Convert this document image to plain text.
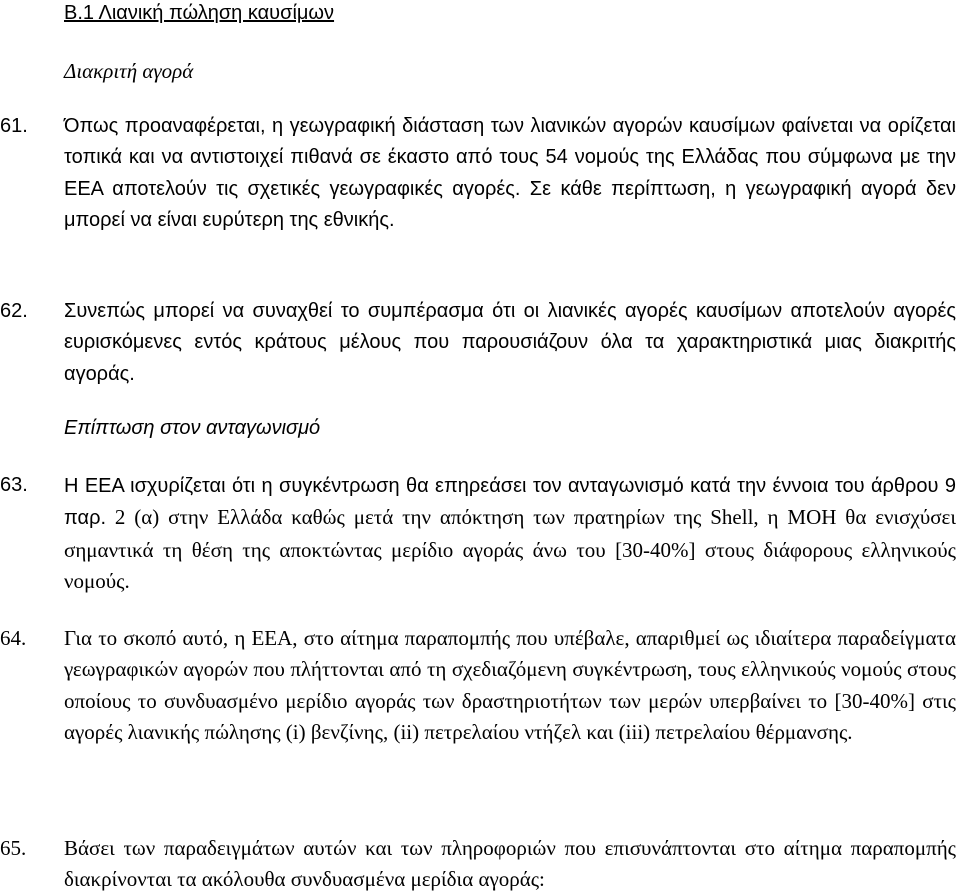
Β.1 Λιανική πώληση καυσίμων
Διακριτή αγορά

61.	Όπως προαναφέρεται, η γεωγραφική διάσταση των λιανικών αγορών καυσίμων φαίνεται να ορίζεται τοπικά και να αντιστοιχεί πιθανά σε έκαστο από τους 54 νομούς της Ελλάδας που σύμφωνα με την ΕΕΑ αποτελούν τις σχετικές γεωγραφικές αγορές. Σε κάθε περίπτωση, η γεωγραφική αγορά δεν μπορεί να είναι ευρύτερη της εθνικής.

62.	Συνεπώς μπορεί να συναχθεί το συμπέρασμα ότι οι λιανικές αγορές καυσίμων αποτελούν αγορές ευρισκόμενες εντός κράτους μέλους που παρουσιάζουν όλα τα χαρακτηριστικά μιας διακριτής αγοράς.

Επίπτωση στον ανταγωνισμό

63.	Η ΕΕΑ ισχυρίζεται ότι η συγκέντρωση θα επηρεάσει τον ανταγωνισμό κατά την έννοια του άρθρου 9 παρ. 2 (α) στην Ελλάδα καθώς μετά την απόκτηση των πρατηρίων της Shell, η ΜΟΗ θα ενισχύσει σημαντικά τη θέση της αποκτώντας μερίδιο αγοράς άνω του [30-40%] στους διάφορους ελληνικούς νομούς.

64.	Για το σκοπό αυτό, η ΕΕΑ, στο αίτημα παραπομπής που υπέβαλε, απαριθμεί ως ιδιαίτερα παραδείγματα γεωγραφικών αγορών που πλήττονται από τη σχεδιαζόμενη συγκέντρωση, τους ελληνικούς νομούς στους οποίους το συνδυασμένο μερίδιο αγοράς των δραστηριοτήτων των μερών υπερβαίνει το [30-40%] στις αγορές λιανικής πώλησης (i) βενζίνης, (ii) πετρελαίου ντήζελ και (iii) πετρελαίου θέρμανσης.

65.	Βάσει των παραδειγμάτων αυτών και των πληροφοριών που επισυνάπτονται στο αίτημα παραπομπής διακρίνονται τα ακόλουθα συνδυασμένα μερίδια αγοράς:
